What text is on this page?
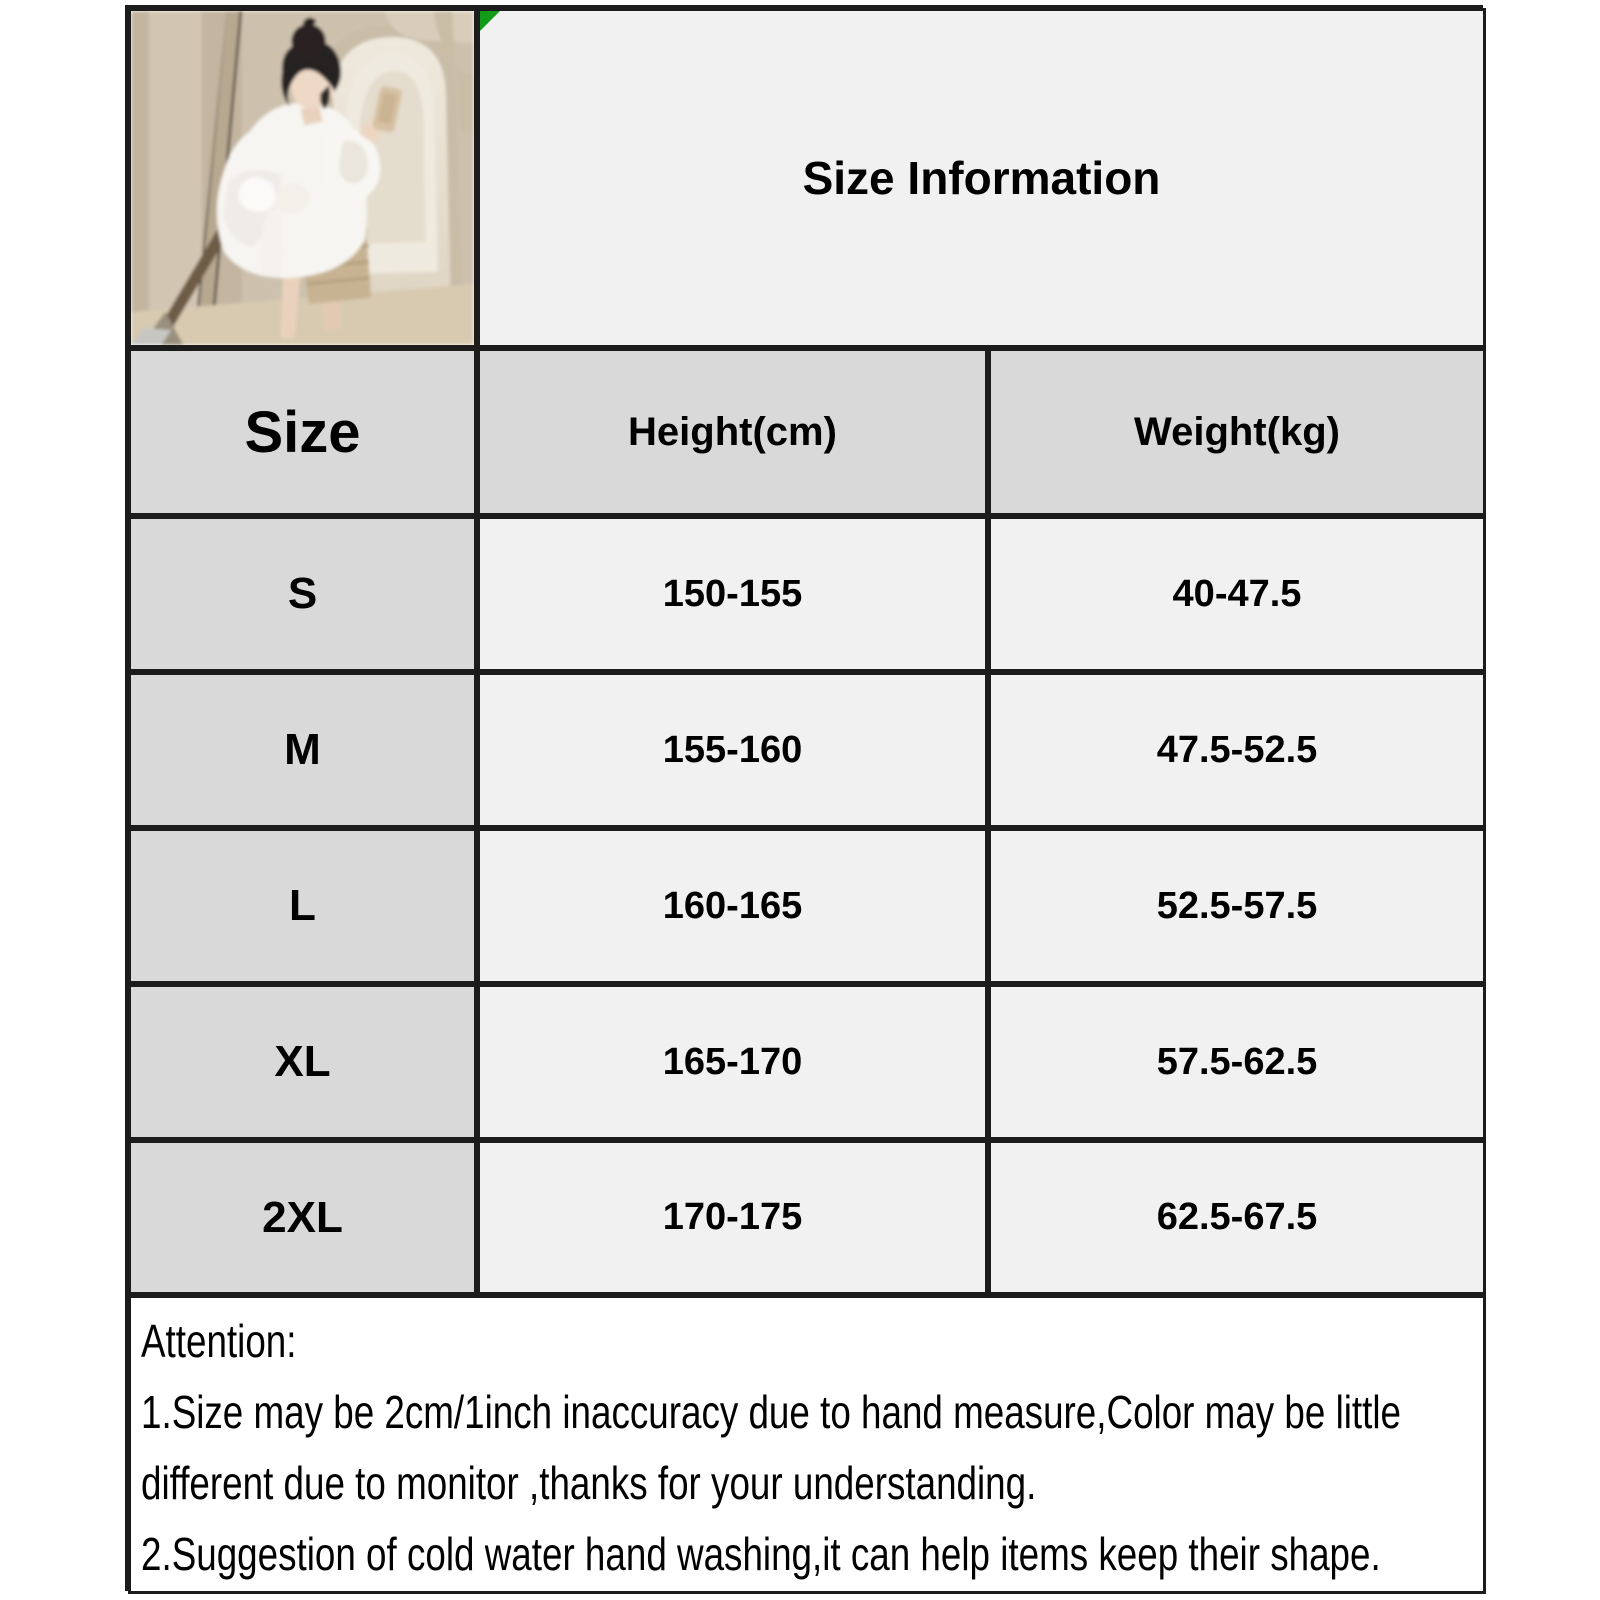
Size Information
Size	Height(cm)	Weight(kg)
S	150-155	40-47.5
M	155-160	47.5-52.5
L	160-165	52.5-57.5
XL	165-170	57.5-62.5
2XL	170-175	62.5-67.5
Attention:
1.Size may be 2cm/1inch inaccuracy due to hand measure,Color may be little
different due to monitor ,thanks for your understanding.
2.Suggestion of cold water hand washing,it can help items keep their shape.
